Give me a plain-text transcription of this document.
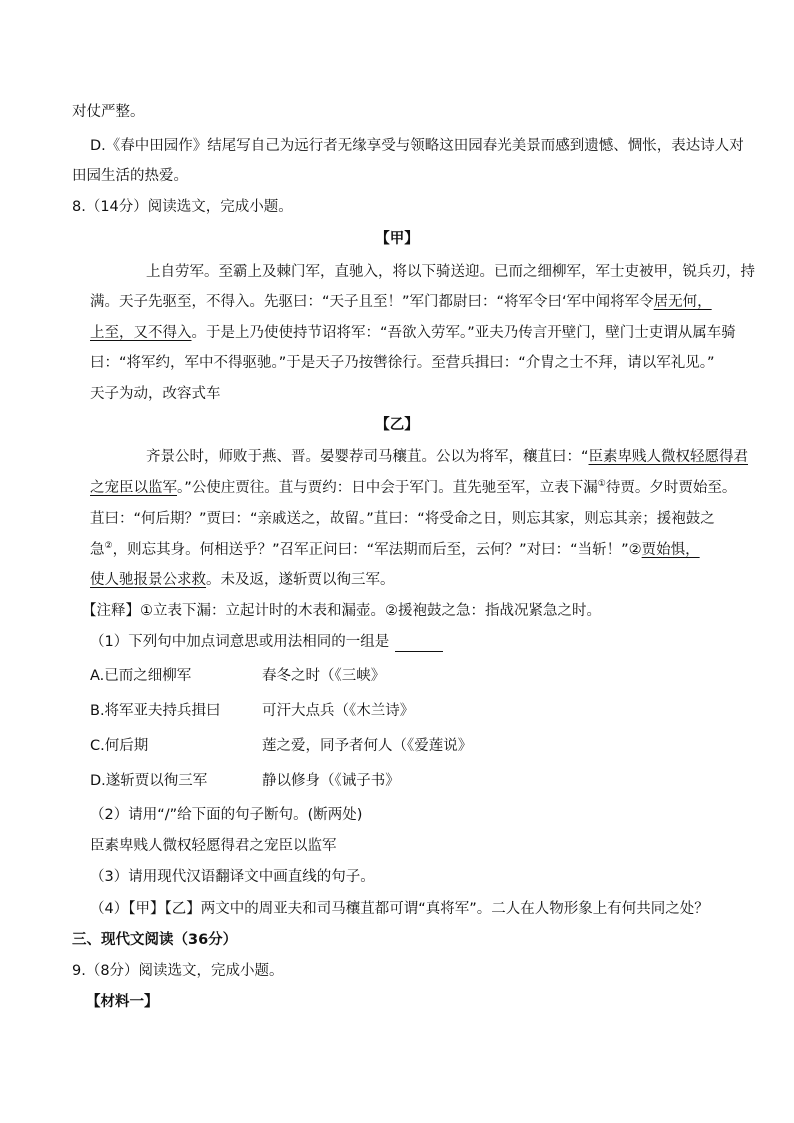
对仗严整。
D.《春中田园作》结尾写自己为远行者无缘享受与领略这田园春光美景而感到遗憾、惆怅，表达诗人对
田园生活的热爱。
8.（14分）阅读选文，完成小题。
【甲】
上自劳军。至霸上及棘门军，直驰入，将以下骑送迎。已而之细柳军，军士吏被甲，锐兵刃，持
满。天子先驱至，不得入。先驱曰：“天子且至！”军门都尉曰：“将军令曰‘军中闻将军令居无何，
上至，又不得入。于是上乃使使持节诏将军：“吾欲入劳军。”亚夫乃传言开壁门，壁门士吏谓从属车骑
曰：“将军约，军中不得驱驰。”于是天子乃按辔徐行。至营兵揖曰：“介胄之士不拜，请以军礼见。”
天子为动，改容式车
【乙】
齐景公时，师败于燕、晋。晏婴荐司马穰苴。公以为将军，穰苴曰：“臣素卑贱人微权轻愿得君
之宠臣以监军。”公使庄贾往。苴与贾约：日中会于军门。苴先驰至军，立表下漏①待贾。夕时贾始至。
苴曰：“何后期？”贾曰：“亲戚送之，故留。”苴曰：“将受命之日，则忘其家，则忘其亲；援袍鼓之
急②，则忘其身。何相送乎？”召军正问曰：“军法期而后至，云何？”对曰：“当斩！”②贾始惧，
使人驰报景公求救。未及返，遂斩贾以徇三军。
【注释】①立表下漏：立起计时的木表和漏壶。②援袍鼓之急：指战况紧急之时。
（1）下列句中加点词意思或用法相同的一组是
A.已而之细柳军	春冬之时（《三峡》
B.将军亚夫持兵揖曰	可汗大点兵（《木兰诗》
C.何后期	莲之爱，同予者何人（《爱莲说》
D.遂斩贾以徇三军	静以修身（《诫子书》
（2）请用“/”给下面的句子断句。(断两处)
臣素卑贱人微权轻愿得君之宠臣以监军
（3）请用现代汉语翻译文中画直线的句子。
（4）【甲】【乙】两文中的周亚夫和司马穰苴都可谓“真将军”。二人在人物形象上有何共同之处？
三、现代文阅读（36分）
9.（8分）阅读选文，完成小题。
【材料一】
